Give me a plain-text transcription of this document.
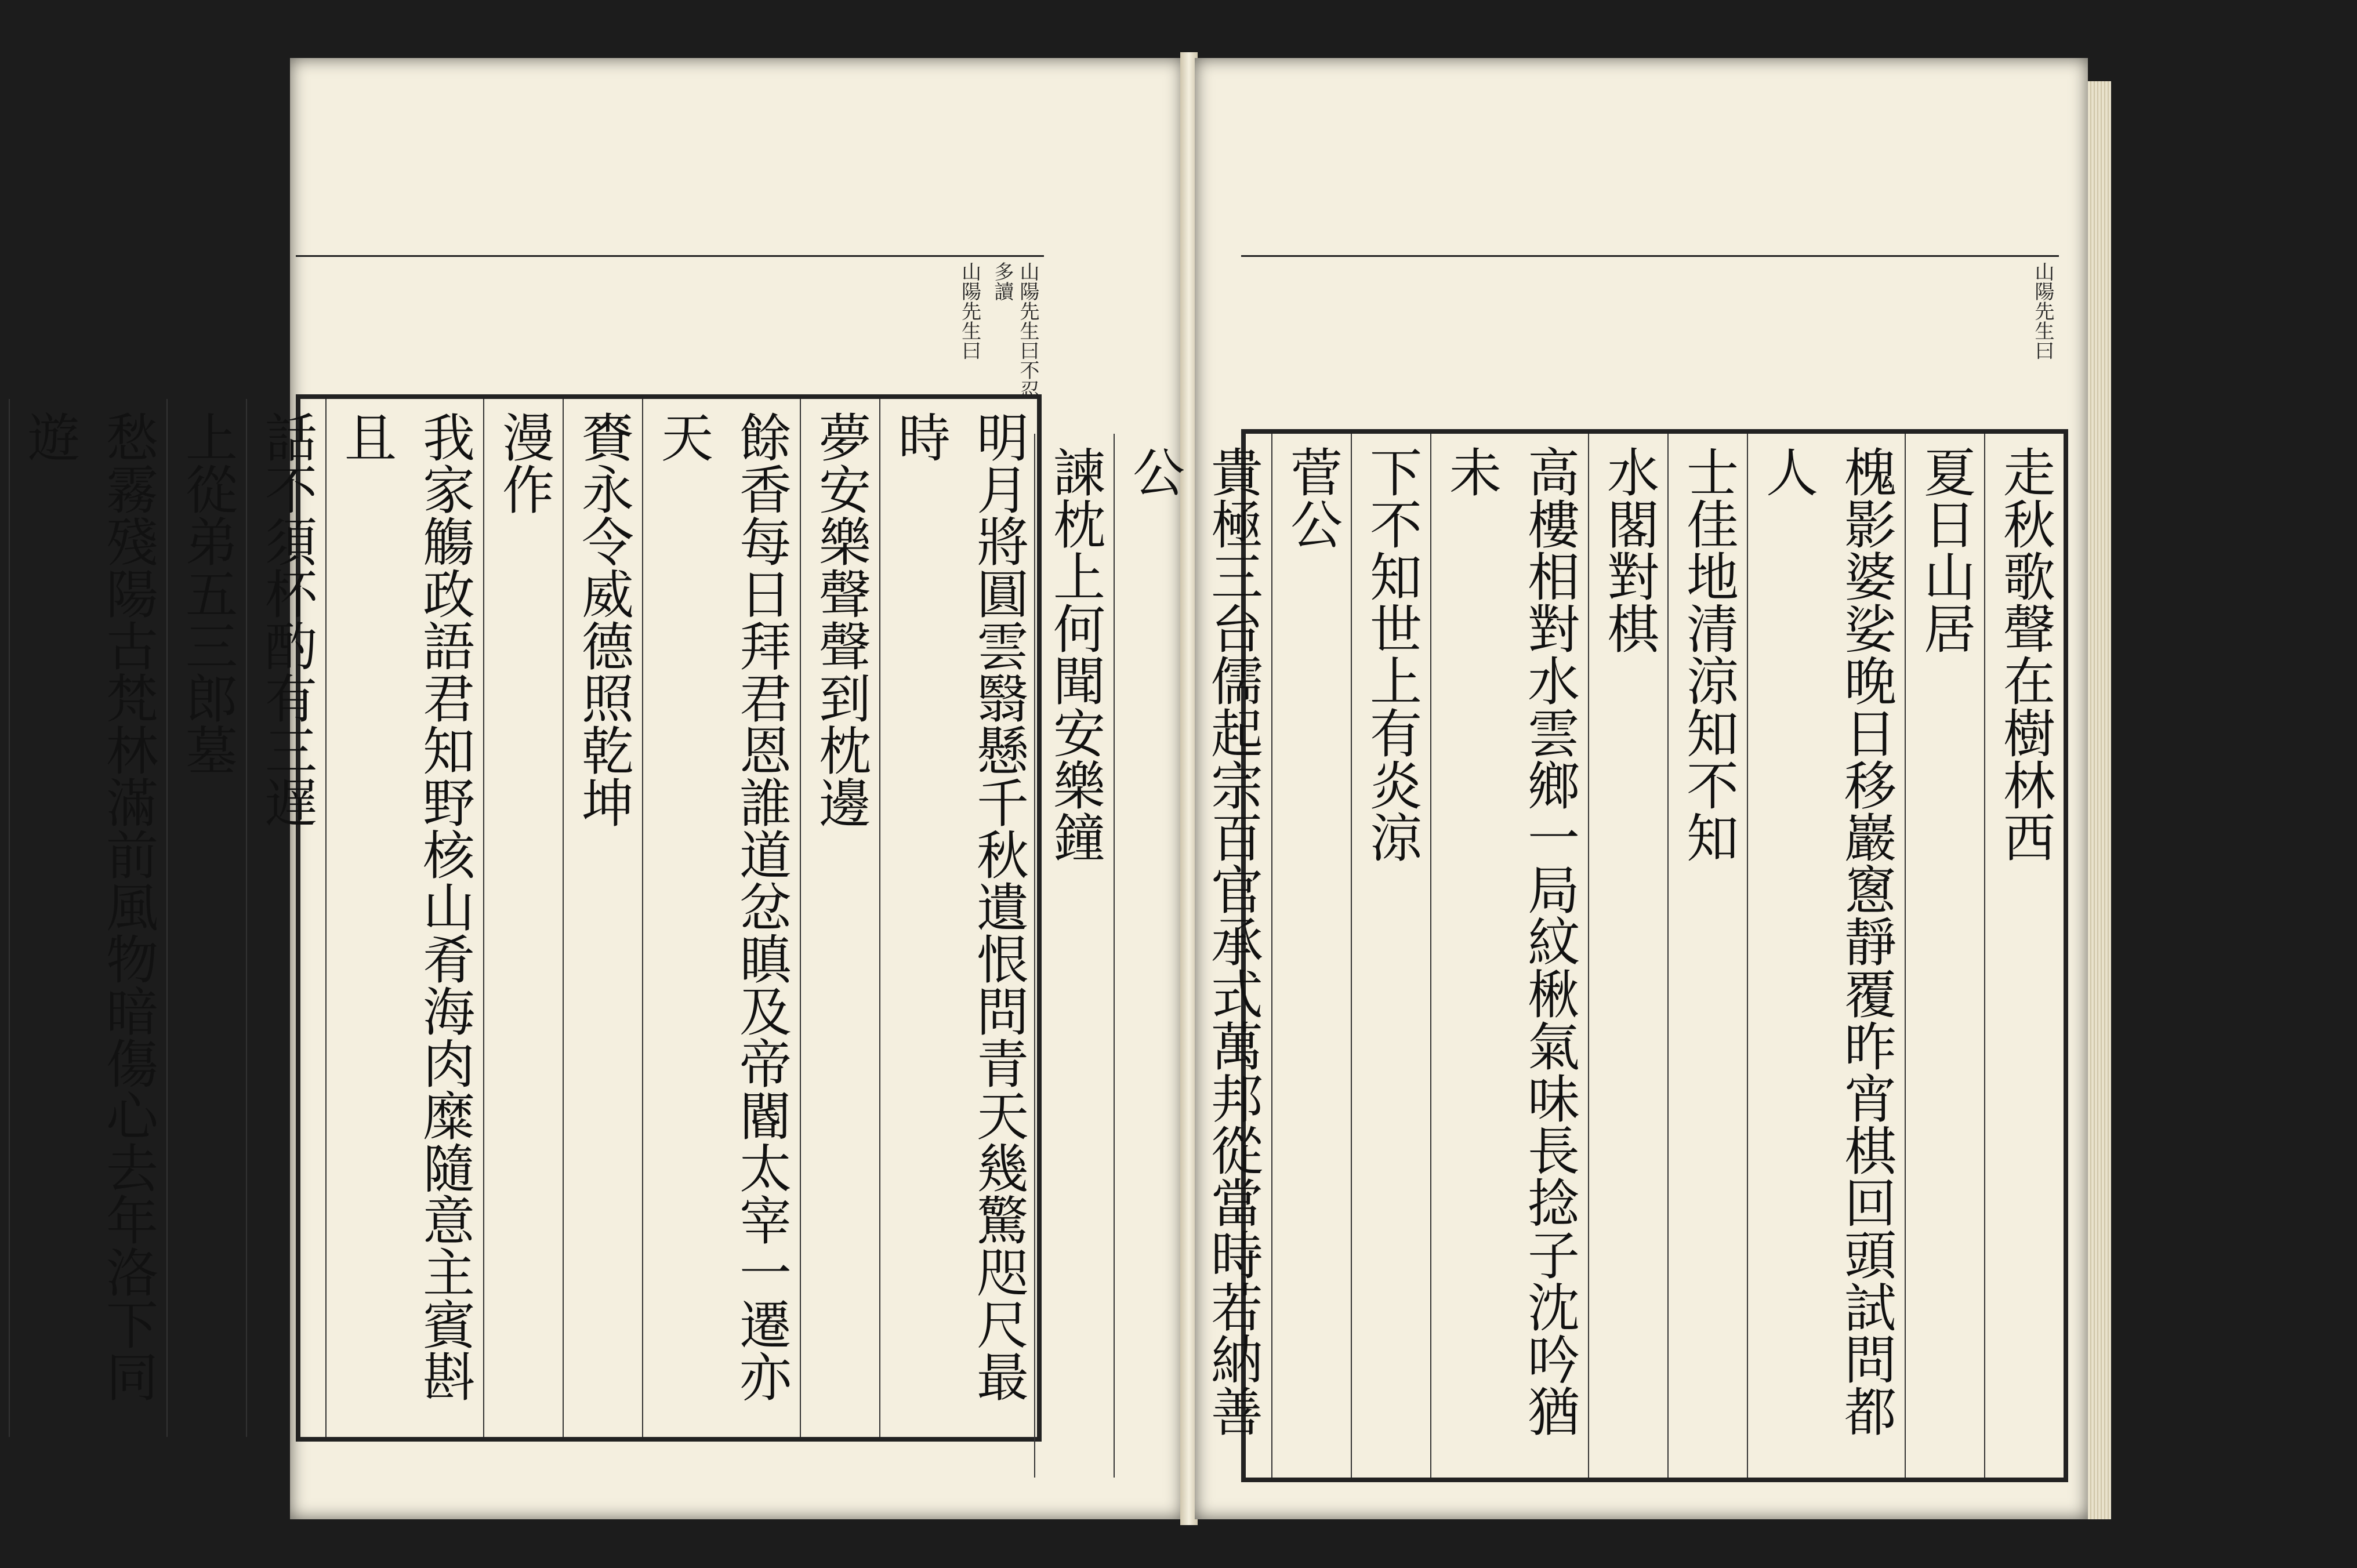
山陽先生曰不忍多讀
山陽先生曰
明月將圓雲翳懸千秋遺恨問青天幾驚咫尺最時
夢安樂聲聲到枕邊
餘香每日拜君恩誰道忿瞋及帝閽太宰一遷亦天
賚永令威德照乾坤
漫作
我家觴政語君知野核山肴海肉糜隨意主賓斟且
話不須杯酌有三遅
上從弟五三郎墓
愁霧殘陽古梵林滿前風物暗傷心去年洛下同遊
山陽先生曰
走秋歌聲在樹林西
夏日山居
槐影婆娑晚日移巖窻靜覆昨宵棋回頭試問都人
士佳地清涼知不知
水閣對棋
高樓相對水雲鄉一局紋楸氣味長捻子沈吟猶未
下不知世上有炎涼
菅公
貴極三台儒起宗百官承式萬邦從當時若納善公
諫枕上何聞安樂鐘
